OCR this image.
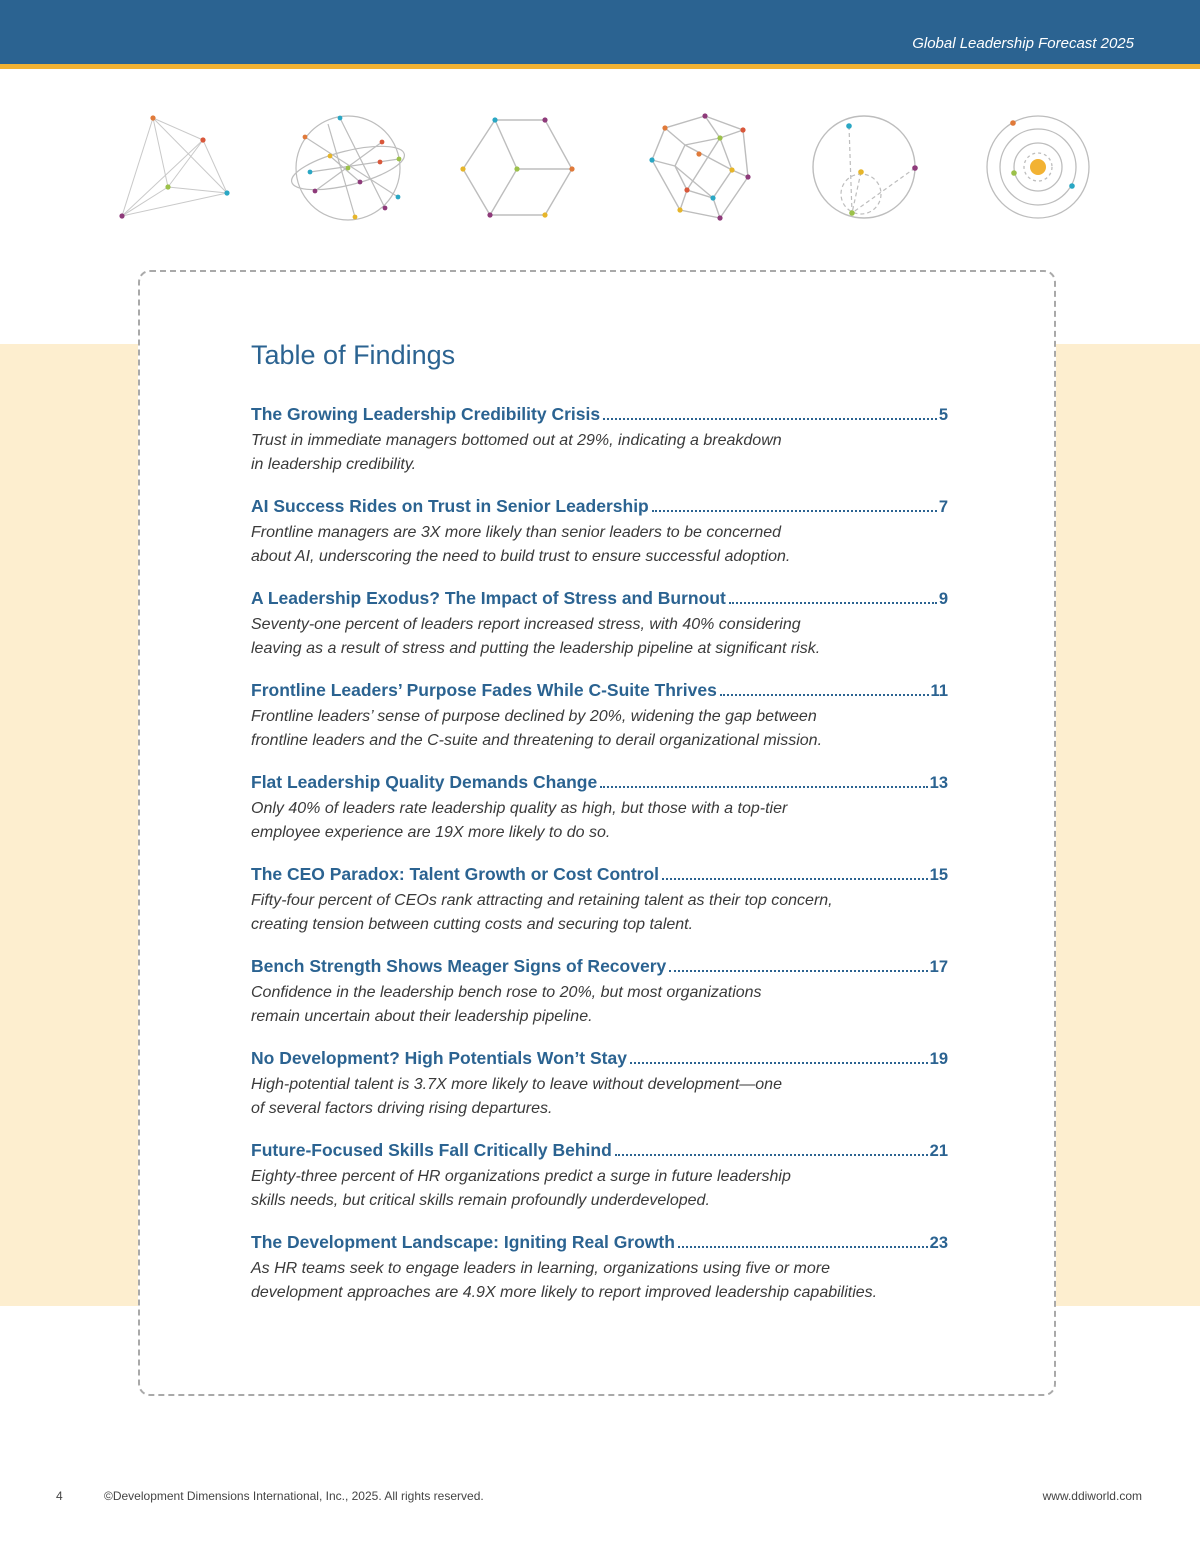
Global Leadership Forecast 2025
Table of Findings
The Growing Leadership Credibility Crisis	5
Trust in immediate managers bottomed out at 29%, indicating a breakdown
in leadership credibility.
AI Success Rides on Trust in Senior Leadership	7
Frontline managers are 3X more likely than senior leaders to be concerned
about AI, underscoring the need to build trust to ensure successful adoption.
A Leadership Exodus? The Impact of Stress and Burnout	9
Seventy-one percent of leaders report increased stress, with 40% considering
leaving as a result of stress and putting the leadership pipeline at significant risk.
Frontline Leaders’ Purpose Fades While C-Suite Thrives	11
Frontline leaders’ sense of purpose declined by 20%, widening the gap between
frontline leaders and the C-suite and threatening to derail organizational mission.
Flat Leadership Quality Demands Change	13
Only 40% of leaders rate leadership quality as high, but those with a top-tier
employee experience are 19X more likely to do so.
The CEO Paradox: Talent Growth or Cost Control	15
Fifty-four percent of CEOs rank attracting and retaining talent as their top concern,
creating tension between cutting costs and securing top talent.
Bench Strength Shows Meager Signs of Recovery	17
Confidence in the leadership bench rose to 20%, but most organizations
remain uncertain about their leadership pipeline.
No Development? High Potentials Won’t Stay	19
High-potential talent is 3.7X more likely to leave without development—one
of several factors driving rising departures.
Future-Focused Skills Fall Critically Behind	21
Eighty-three percent of HR organizations predict a surge in future leadership
skills needs, but critical skills remain profoundly underdeveloped.
The Development Landscape: Igniting Real Growth	23
As HR teams seek to engage leaders in learning, organizations using five or more
development approaches are 4.9X more likely to report improved leadership capabilities.
4	©Development Dimensions International, Inc., 2025. All rights reserved.	www.ddiworld.com
